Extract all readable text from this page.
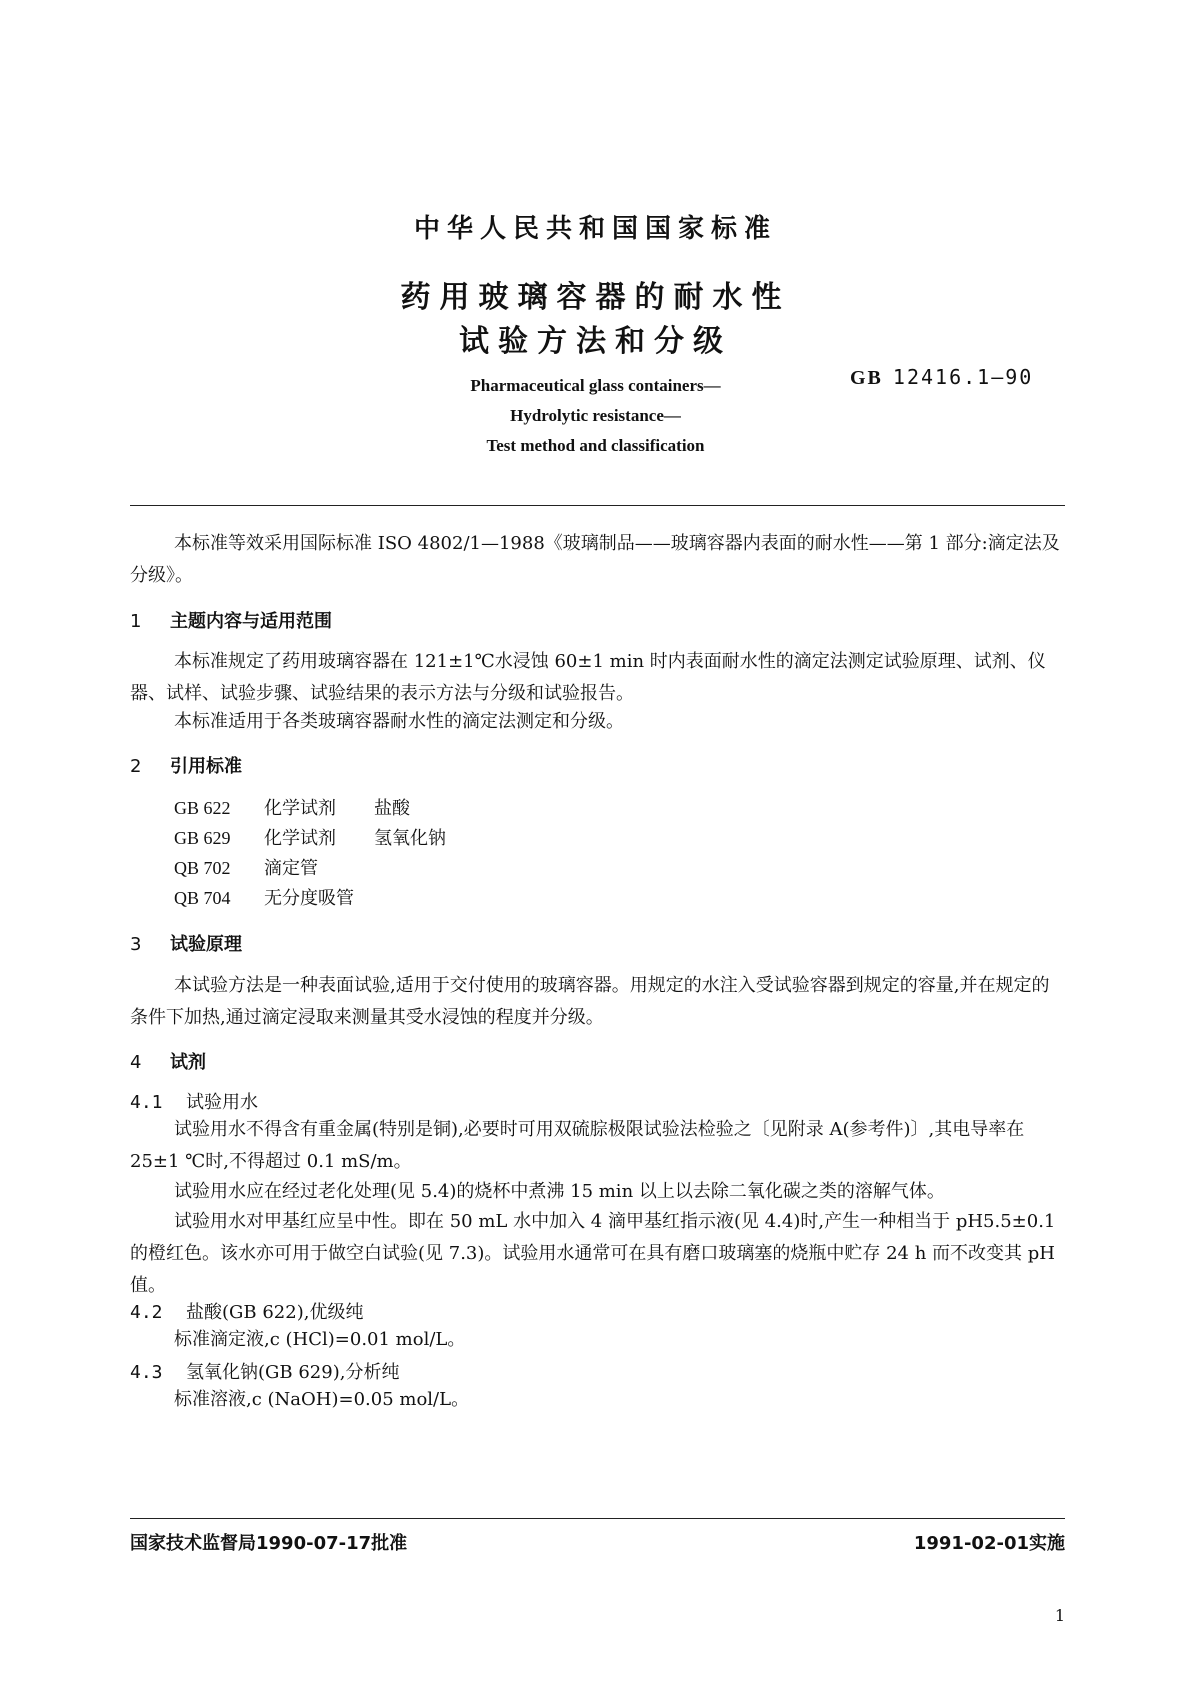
中华人民共和国国家标准
药用玻璃容器的耐水性
试验方法和分级
GB 12416.1—90
Pharmaceutical glass containers—
Hydrolytic resistance—
Test method and classification
本标准等效采用国际标准 ISO 4802/1—1988《玻璃制品——玻璃容器内表面的耐水性——第 1 部分:滴定法及分级》。
1 主题内容与适用范围
本标准规定了药用玻璃容器在 121±1℃水浸蚀 60±1 min 时内表面耐水性的滴定法测定试验原理、试剂、仪器、试样、试验步骤、试验结果的表示方法与分级和试验报告。
本标准适用于各类玻璃容器耐水性的滴定法测定和分级。
2 引用标准
GB 622 化学试剂 盐酸
GB 629 化学试剂 氢氧化钠
QB 702 滴定管
QB 704 无分度吸管
3 试验原理
本试验方法是一种表面试验,适用于交付使用的玻璃容器。用规定的水注入受试验容器到规定的容量,并在规定的条件下加热,通过滴定浸取来测量其受水浸蚀的程度并分级。
4 试剂
4.1 试验用水
试验用水不得含有重金属(特别是铜),必要时可用双硫腙极限试验法检验之〔见附录 A(参考件)〕,其电导率在 25±1 ℃时,不得超过 0.1 mS/m。
试验用水应在经过老化处理(见 5.4)的烧杯中煮沸 15 min 以上以去除二氧化碳之类的溶解气体。
试验用水对甲基红应呈中性。即在 50 mL 水中加入 4 滴甲基红指示液(见 4.4)时,产生一种相当于 pH5.5±0.1 的橙红色。该水亦可用于做空白试验(见 7.3)。试验用水通常可在具有磨口玻璃塞的烧瓶中贮存 24 h 而不改变其 pH 值。
4.2 盐酸(GB 622),优级纯
标准滴定液,c (HCl)=0.01 mol/L。
4.3 氢氧化钠(GB 629),分析纯
标准溶液,c (NaOH)=0.05 mol/L。
国家技术监督局1990-07-17批准	1991-02-01实施
1
